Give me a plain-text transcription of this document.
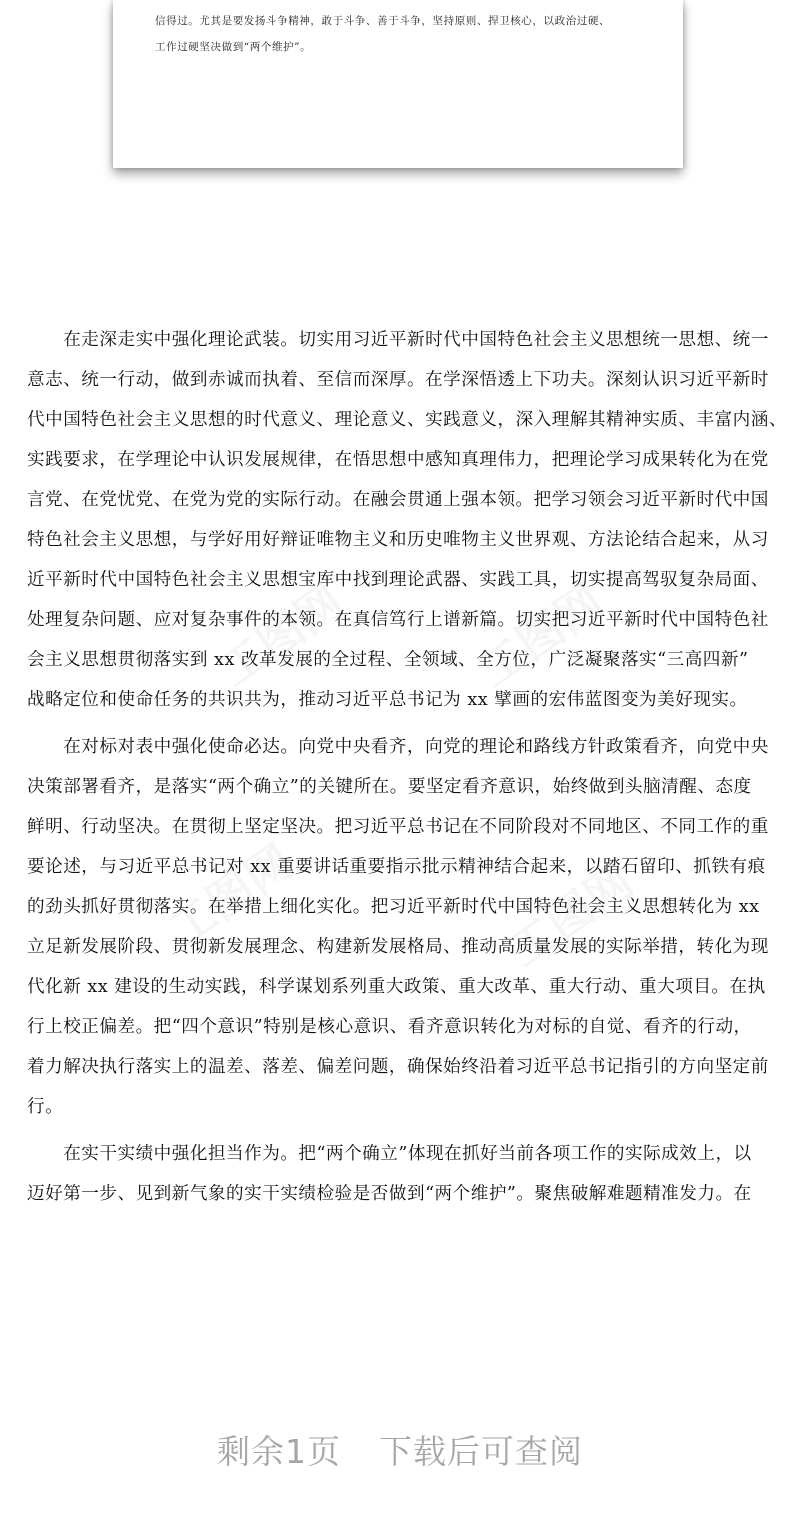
信得过。尤其是要发扬斗争精神，敢于斗争、善于斗争，坚持原则、捍卫核心，以政治过硬、
工作过硬坚决做到“两个维护”。

工图网	工图网
工图网	工图网

　　在走深走实中强化理论武装。切实用习近平新时代中国特色社会主义思想统一思想、统一
意志、统一行动，做到赤诚而执着、至信而深厚。在学深悟透上下功夫。深刻认识习近平新时
代中国特色社会主义思想的时代意义、理论意义、实践意义，深入理解其精神实质、丰富内涵、
实践要求，在学理论中认识发展规律，在悟思想中感知真理伟力，把理论学习成果转化为在党
言党、在党忧党、在党为党的实际行动。在融会贯通上强本领。把学习领会习近平新时代中国
特色社会主义思想，与学好用好辩证唯物主义和历史唯物主义世界观、方法论结合起来，从习
近平新时代中国特色社会主义思想宝库中找到理论武器、实践工具，切实提高驾驭复杂局面、
处理复杂问题、应对复杂事件的本领。在真信笃行上谱新篇。切实把习近平新时代中国特色社
会主义思想贯彻落实到 xx 改革发展的全过程、全领域、全方位，广泛凝聚落实“三高四新”
战略定位和使命任务的共识共为，推动习近平总书记为 xx 擘画的宏伟蓝图变为美好现实。

　　在对标对表中强化使命必达。向党中央看齐，向党的理论和路线方针政策看齐，向党中央
决策部署看齐，是落实“两个确立”的关键所在。要坚定看齐意识，始终做到头脑清醒、态度
鲜明、行动坚决。在贯彻上坚定坚决。把习近平总书记在不同阶段对不同地区、不同工作的重
要论述，与习近平总书记对 xx 重要讲话重要指示批示精神结合起来，以踏石留印、抓铁有痕
的劲头抓好贯彻落实。在举措上细化实化。把习近平新时代中国特色社会主义思想转化为 xx
立足新发展阶段、贯彻新发展理念、构建新发展格局、推动高质量发展的实际举措，转化为现
代化新 xx 建设的生动实践，科学谋划系列重大政策、重大改革、重大行动、重大项目。在执
行上校正偏差。把“四个意识”特别是核心意识、看齐意识转化为对标的自觉、看齐的行动，
着力解决执行落实上的温差、落差、偏差问题，确保始终沿着习近平总书记指引的方向坚定前
行。

　　在实干实绩中强化担当作为。把“两个确立”体现在抓好当前各项工作的实际成效上，以
迈好第一步、见到新气象的实干实绩检验是否做到“两个维护”。聚焦破解难题精准发力。在

剩余1页 下载后可查阅
